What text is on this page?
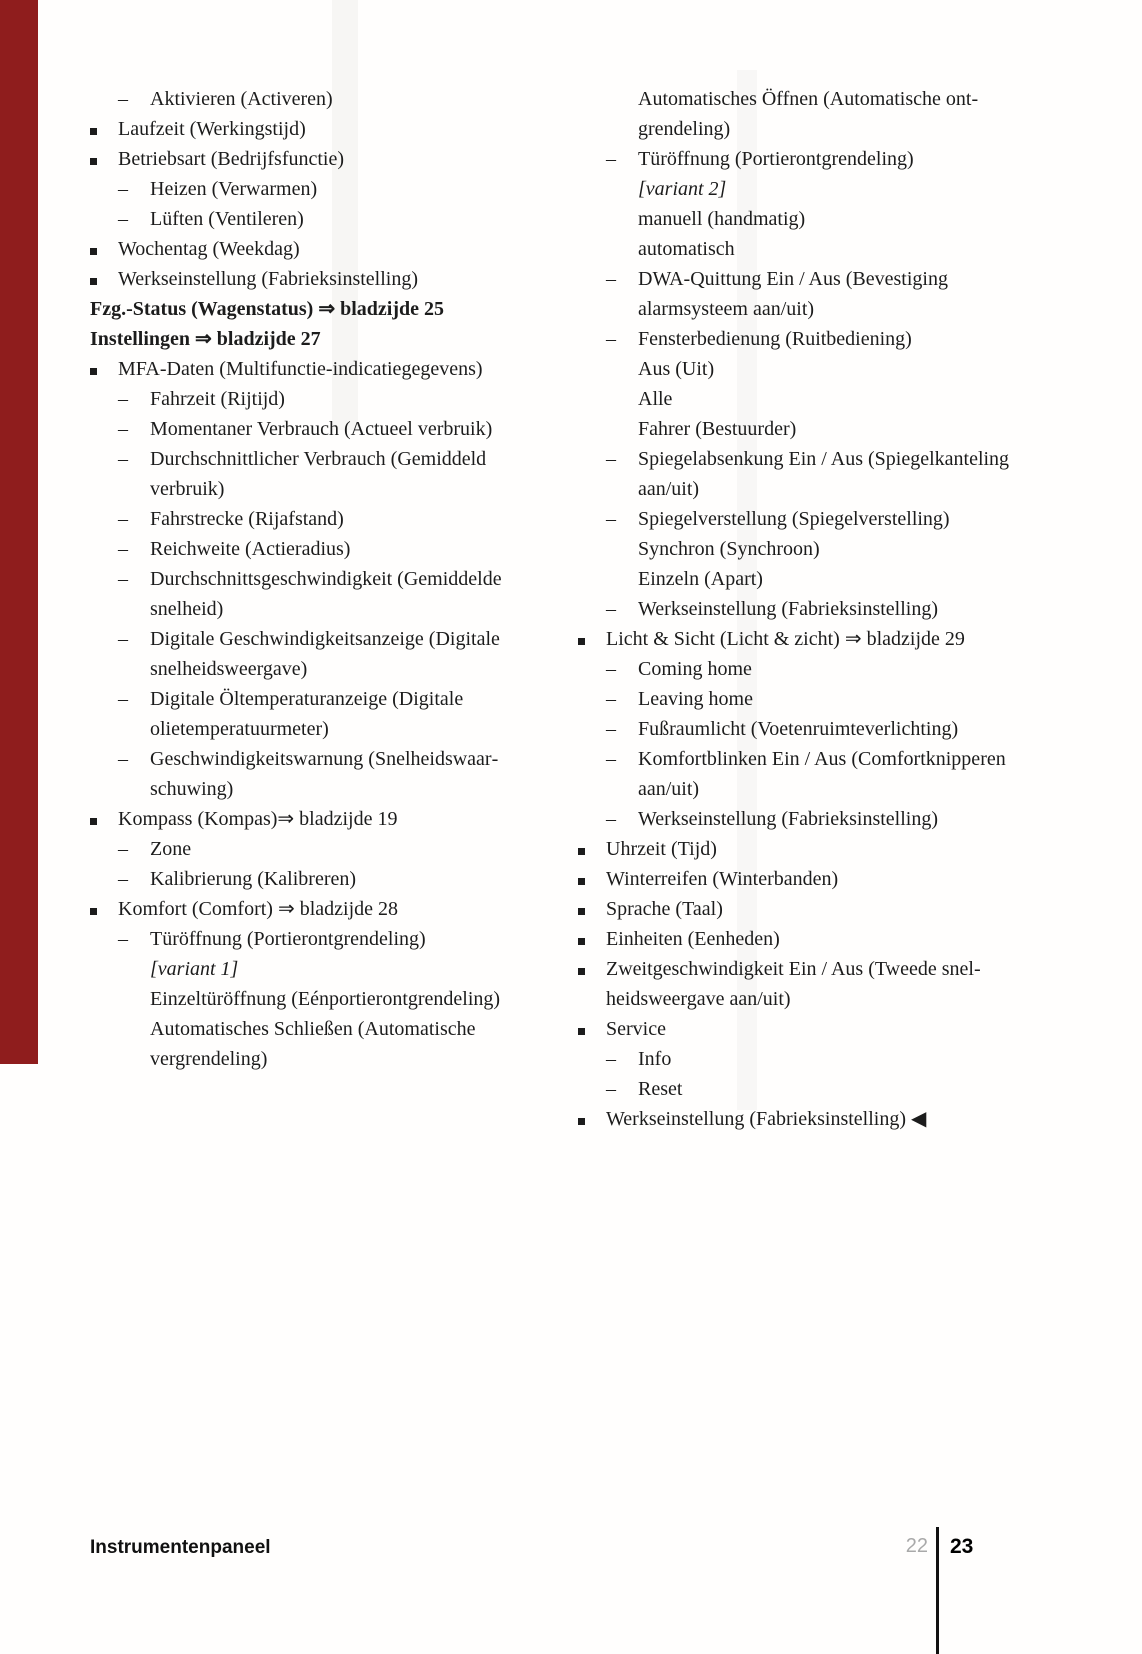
–	Aktivieren (Activeren)
Laufzeit (Werkingstijd)
Betriebsart (Bedrijfsfunctie)
–	Heizen (Verwarmen)
–	Lüften (Ventileren)
Wochentag (Weekdag)
Werkseinstellung (Fabrieksinstelling)
Fzg.-Status (Wagenstatus) ⇒ bladzijde 25
Instellingen ⇒ bladzijde 27
MFA-Daten (Multifunctie-indicatiegegevens)
–	Fahrzeit (Rijtijd)
–	Momentaner Verbrauch (Actueel verbruik)
–	Durchschnittlicher Verbrauch (Gemiddeld verbruik)
–	Fahrstrecke (Rijafstand)
–	Reichweite (Actieradius)
–	Durchschnittsgeschwindigkeit (Gemiddelde snelheid)
–	Digitale Geschwindigkeitsanzeige (Digitale snelheidsweergave)
–	Digitale Öltemperaturanzeige (Digitale olietemperatuurmeter)
–	Geschwindigkeitswarnung (Snelheidswaarschuwing)
Kompass (Kompas)⇒ bladzijde 19
–	Zone
–	Kalibrierung (Kalibreren)
Komfort (Comfort) ⇒ bladzijde 28
–	Türöffnung (Portierontgrendeling)
[variant 1]
Einzeltüröffnung (Eénportierontgrendeling)
Automatisches Schließen (Automatische vergrendeling)
Automatisches Öffnen (Automatische ontgrendeling)
–	Türöffnung (Portierontgrendeling)
[variant 2]
manuell (handmatig)
automatisch
–	DWA-Quittung Ein / Aus (Bevestiging alarmsysteem aan/uit)
–	Fensterbedienung (Ruitbediening)
Aus (Uit)
Alle
Fahrer (Bestuurder)
–	Spiegelabsenkung Ein / Aus (Spiegelkanteling aan/uit)
–	Spiegelverstellung (Spiegelverstelling)
Synchron (Synchroon)
Einzeln (Apart)
–	Werkseinstellung (Fabrieksinstelling)
Licht & Sicht (Licht & zicht) ⇒ bladzijde 29
–	Coming home
–	Leaving home
–	Fußraumlicht (Voetenruimteverlichting)
–	Komfortblinken Ein / Aus (Comfortknipperen aan/uit)
–	Werkseinstellung (Fabrieksinstelling)
Uhrzeit (Tijd)
Winterreifen (Winterbanden)
Sprache (Taal)
Einheiten (Eenheden)
Zweitgeschwindigkeit Ein / Aus (Tweede snelheidsweergave aan/uit)
Service
–	Info
–	Reset
Werkseinstellung (Fabrieksinstelling) ◀
Instrumentenpaneel	22 23
